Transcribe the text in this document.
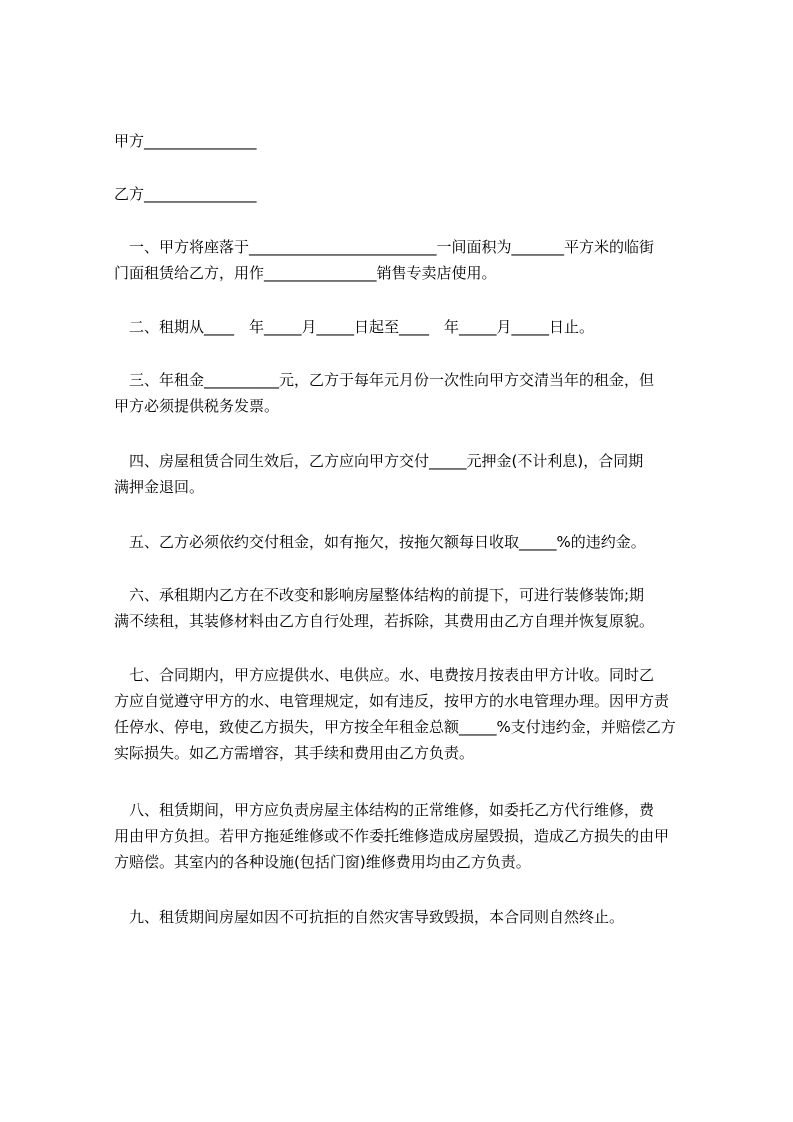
甲方_______________
乙方_______________
　一、甲方将座落于_________________________一间面积为_______平方米的临街
门面租赁给乙方，用作_______________销售专卖店使用。
　二、租期从____　年_____月_____日起至____　年_____月_____日止。
　三、年租金__________元，乙方于每年元月份一次性向甲方交清当年的租金，但
甲方必须提供税务发票。
　四、房屋租赁合同生效后，乙方应向甲方交付_____元押金(不计利息)，合同期
满押金退回。
　五、乙方必须依约交付租金，如有拖欠，按拖欠额每日收取_____%的违约金。
　六、承租期内乙方在不改变和影响房屋整体结构的前提下，可进行装修装饰;期
满不续租，其装修材料由乙方自行处理，若拆除，其费用由乙方自理并恢复原貌。
　七、合同期内，甲方应提供水、电供应。水、电费按月按表由甲方计收。同时乙
方应自觉遵守甲方的水、电管理规定，如有违反，按甲方的水电管理办理。因甲方责
任停水、停电，致使乙方损失，甲方按全年租金总额_____%支付违约金，并赔偿乙方
实际损失。如乙方需增容，其手续和费用由乙方负责。
　八、租赁期间，甲方应负责房屋主体结构的正常维修，如委托乙方代行维修，费
用由甲方负担。若甲方拖延维修或不作委托维修造成房屋毁损，造成乙方损失的由甲
方赔偿。其室内的各种设施(包括门窗)维修费用均由乙方负责。
　九、租赁期间房屋如因不可抗拒的自然灾害导致毁损，本合同则自然终止。
